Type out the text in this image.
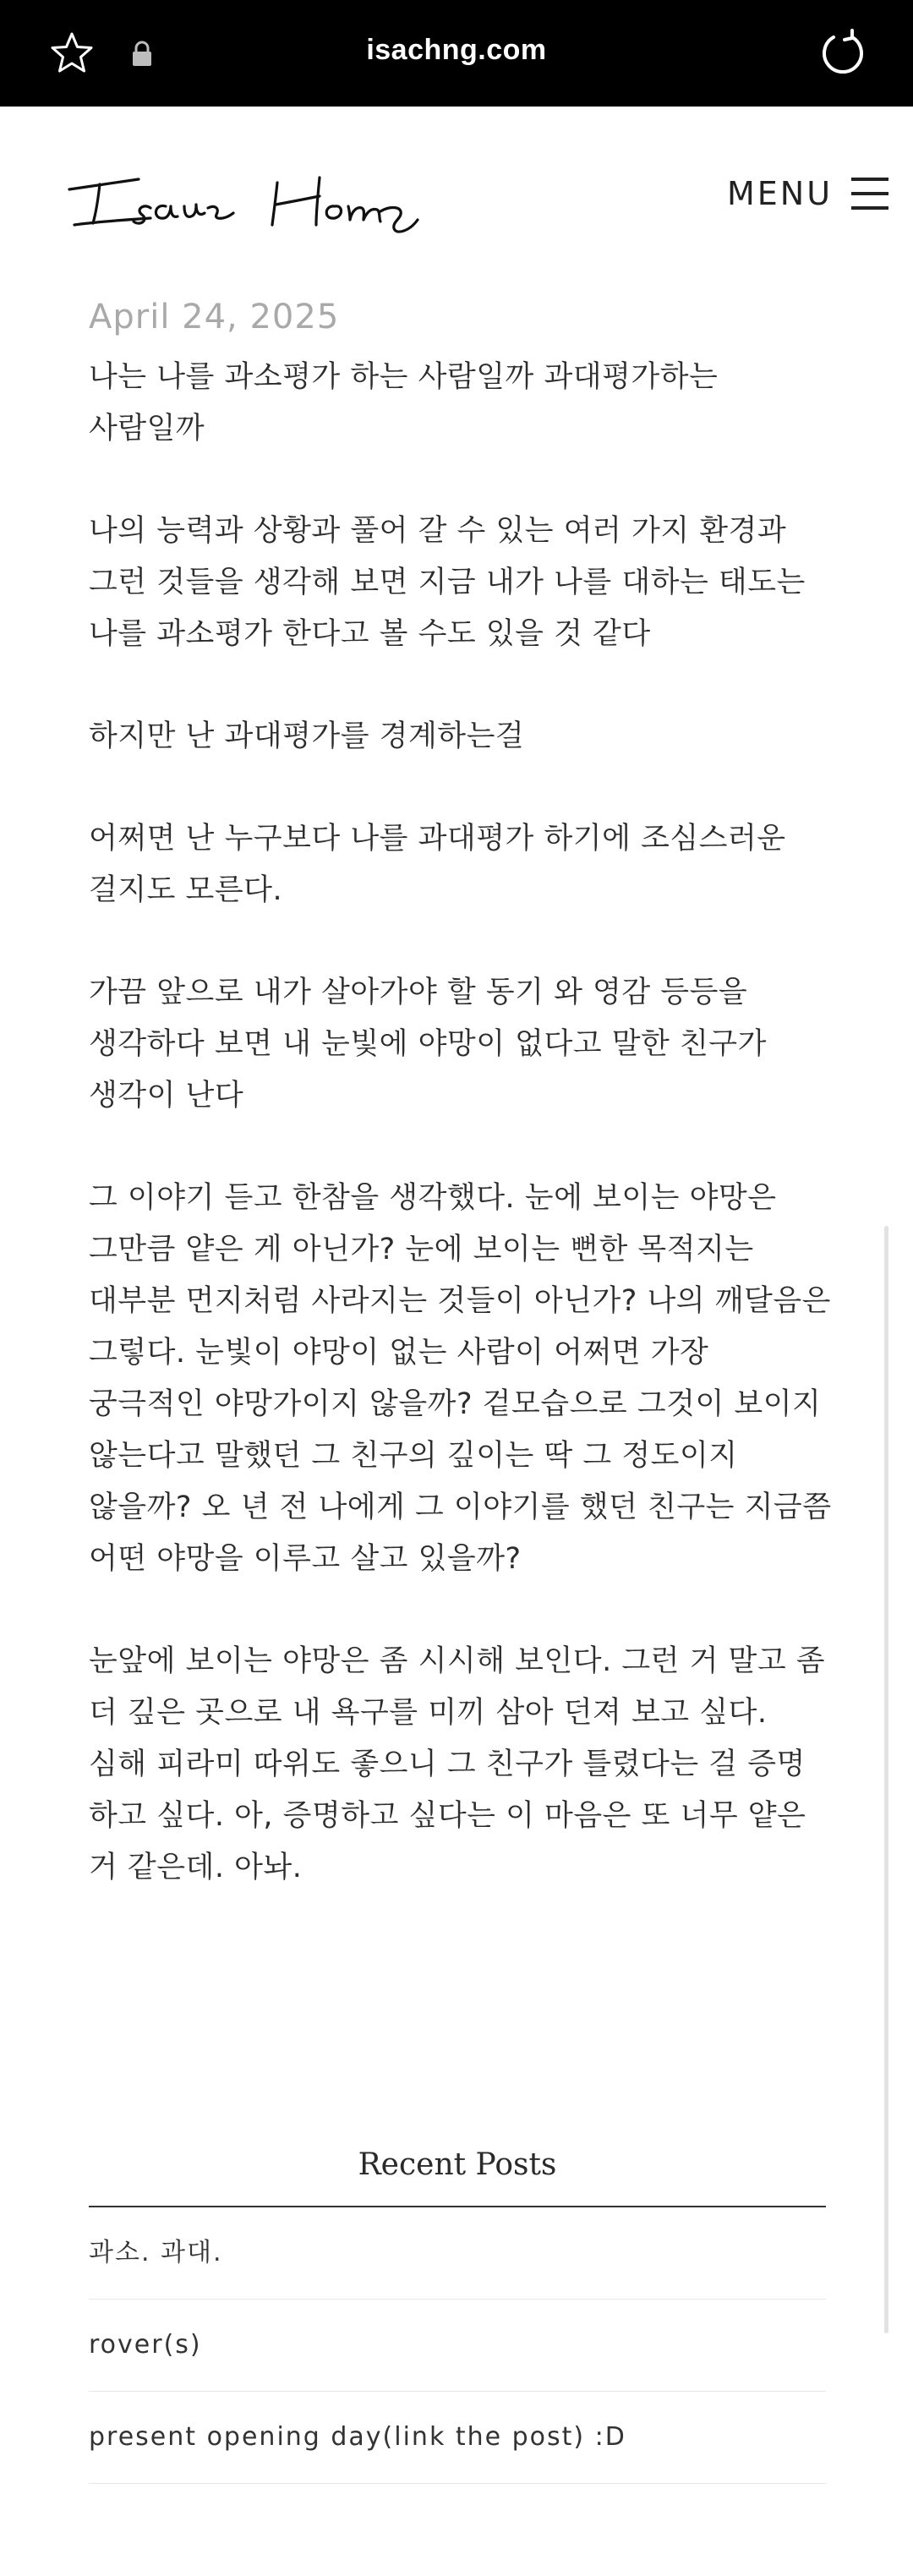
isachng.com
MENU
April 24, 2025

나는 나를 과소평가 하는 사람일까 과대평가하는 사람일까

나의 능력과 상황과 풀어 갈 수 있는 여러 가지 환경과 그런 것들을 생각해 보면 지금 내가 나를 대하는 태도는 나를 과소평가 한다고 볼 수도 있을 것 같다

하지만 난 과대평가를 경계하는걸

어쩌면 난 누구보다 나를 과대평가 하기에 조심스러운 걸지도 모른다.

가끔 앞으로 내가 살아가야 할 동기 와 영감 등등을 생각하다 보면 내 눈빛에 야망이 없다고 말한 친구가 생각이 난다

그 이야기 듣고 한참을 생각했다. 눈에 보이는 야망은 그만큼 얕은 게 아닌가? 눈에 보이는 뻔한 목적지는 대부분 먼지처럼 사라지는 것들이 아닌가? 나의 깨달음은 그렇다. 눈빛이 야망이 없는 사람이 어쩌면 가장 궁극적인 야망가이지 않을까? 겉모습으로 그것이 보이지 않는다고 말했던 그 친구의 깊이는 딱 그 정도이지 않을까? 오 년 전 나에게 그 이야기를 했던 친구는 지금쯤 어떤 야망을 이루고 살고 있을까?

눈앞에 보이는 야망은 좀 시시해 보인다. 그런 거 말고 좀 더 깊은 곳으로 내 욕구를 미끼 삼아 던져 보고 싶다. 심해 피라미 따위도 좋으니 그 친구가 틀렸다는 걸 증명 하고 싶다. 아, 증명하고 싶다는 이 마음은 또 너무 얕은 거 같은데. 아놔.

Recent Posts
과소. 과대.
rover(s)
present opening day(link the post) :D
